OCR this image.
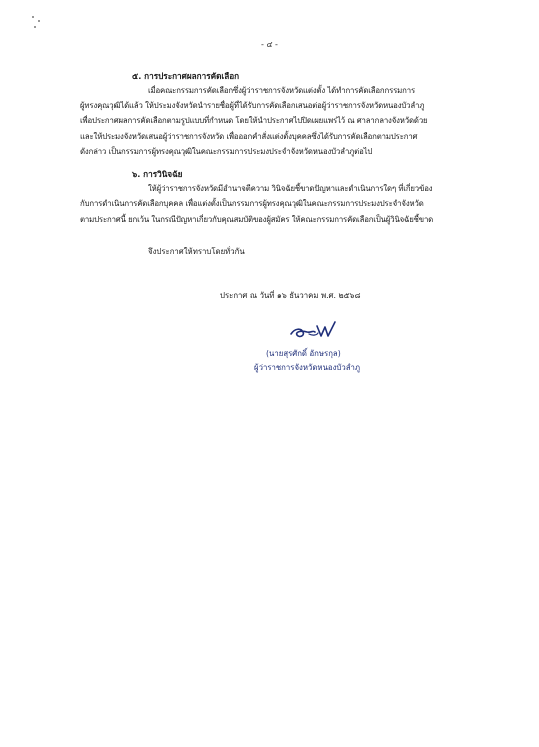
- ๔ -
๕. การประกาศผลการคัดเลือก
เมื่อคณะกรรมการคัดเลือกซึ่งผู้ว่าราชการจังหวัดแต่งตั้ง ได้ทำการคัดเลือกกรรมการ
ผู้ทรงคุณวุฒิได้แล้ว ให้ประมงจังหวัดนำรายชื่อผู้ที่ได้รับการคัดเลือกเสนอต่อผู้ว่าราชการจังหวัดหนองบัวลำภู
เพื่อประกาศผลการคัดเลือกตามรูปแบบที่กำหนด โดยให้นำประกาศไปปิดเผยแพร่ไว้ ณ ศาลากลางจังหวัดด้วย
และให้ประมงจังหวัดเสนอผู้ว่าราชการจังหวัด เพื่อออกคำสั่งแต่งตั้งบุคคลซึ่งได้รับการคัดเลือกตามประกาศ
ดังกล่าว เป็นกรรมการผู้ทรงคุณวุฒิในคณะกรรมการประมงประจำจังหวัดหนองบัวลำภูต่อไป
๖. การวินิจฉัย
ให้ผู้ว่าราชการจังหวัดมีอำนาจตีความ วินิจฉัยชี้ขาดปัญหาและดำเนินการใดๆ ที่เกี่ยวข้อง
กับการดำเนินการคัดเลือกบุคคล เพื่อแต่งตั้งเป็นกรรมการผู้ทรงคุณวุฒิในคณะกรรมการประมงประจำจังหวัด
ตามประกาศนี้ ยกเว้น ในกรณีปัญหาเกี่ยวกับคุณสมบัติของผู้สมัคร ให้คณะกรรมการคัดเลือกเป็นผู้วินิจฉัยชี้ขาด
จึงประกาศให้ทราบโดยทั่วกัน
ประกาศ ณ วันที่ ๑๖ ธันวาคม พ.ศ. ๒๕๖๘
(นายสุรศักดิ์ อักษรกุล)
ผู้ว่าราชการจังหวัดหนองบัวลำภู
